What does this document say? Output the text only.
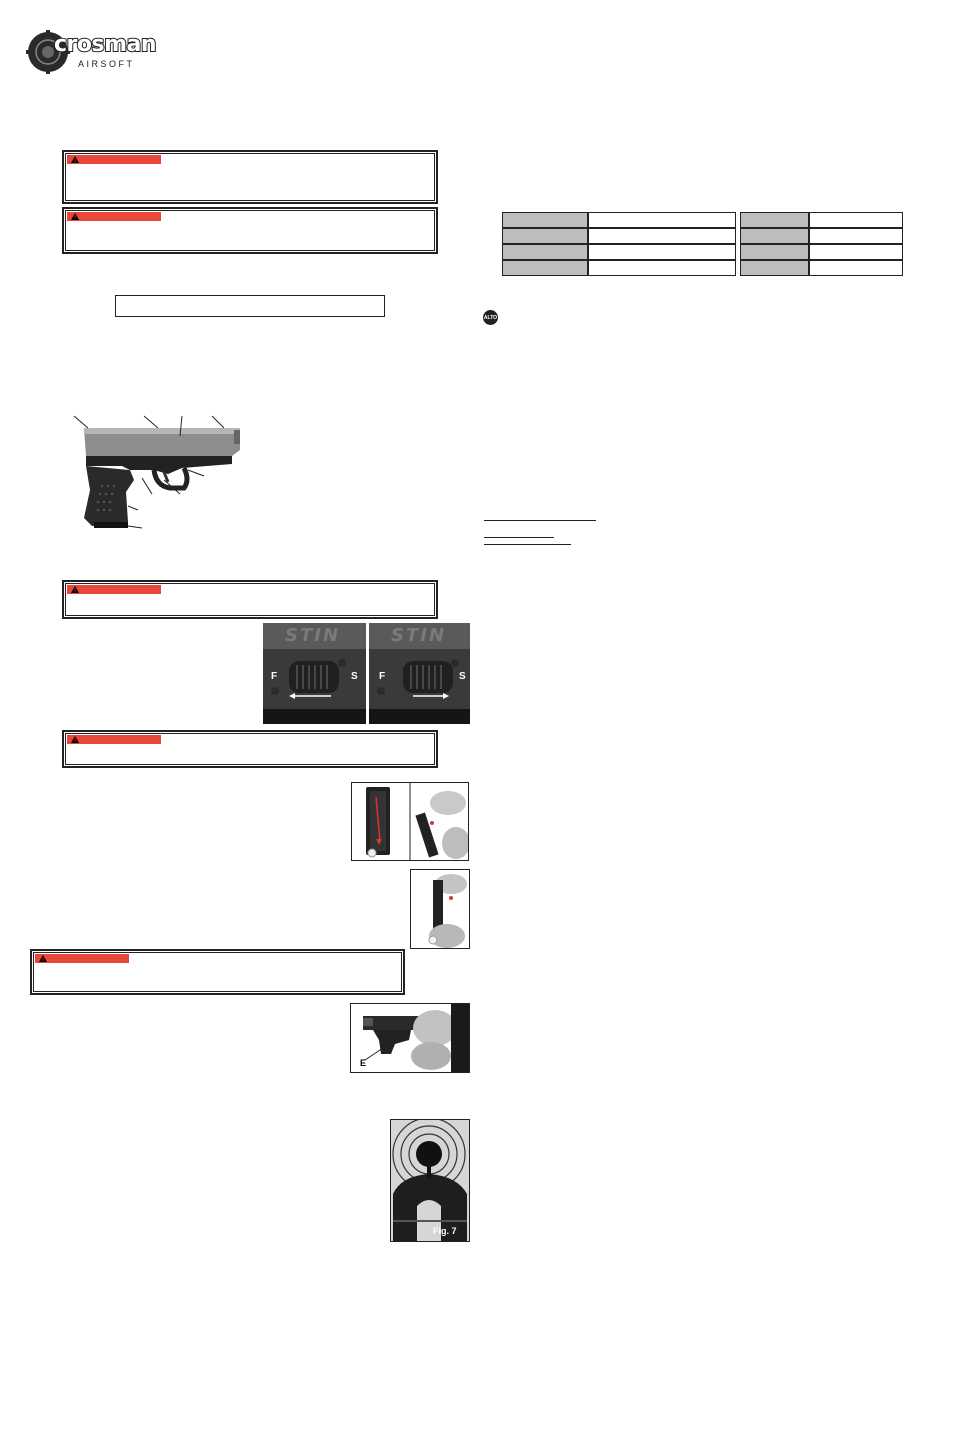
crosman
AIRSOFT
STIN
F	S
STIN
F	S
E
Fig. 7

ALTO
